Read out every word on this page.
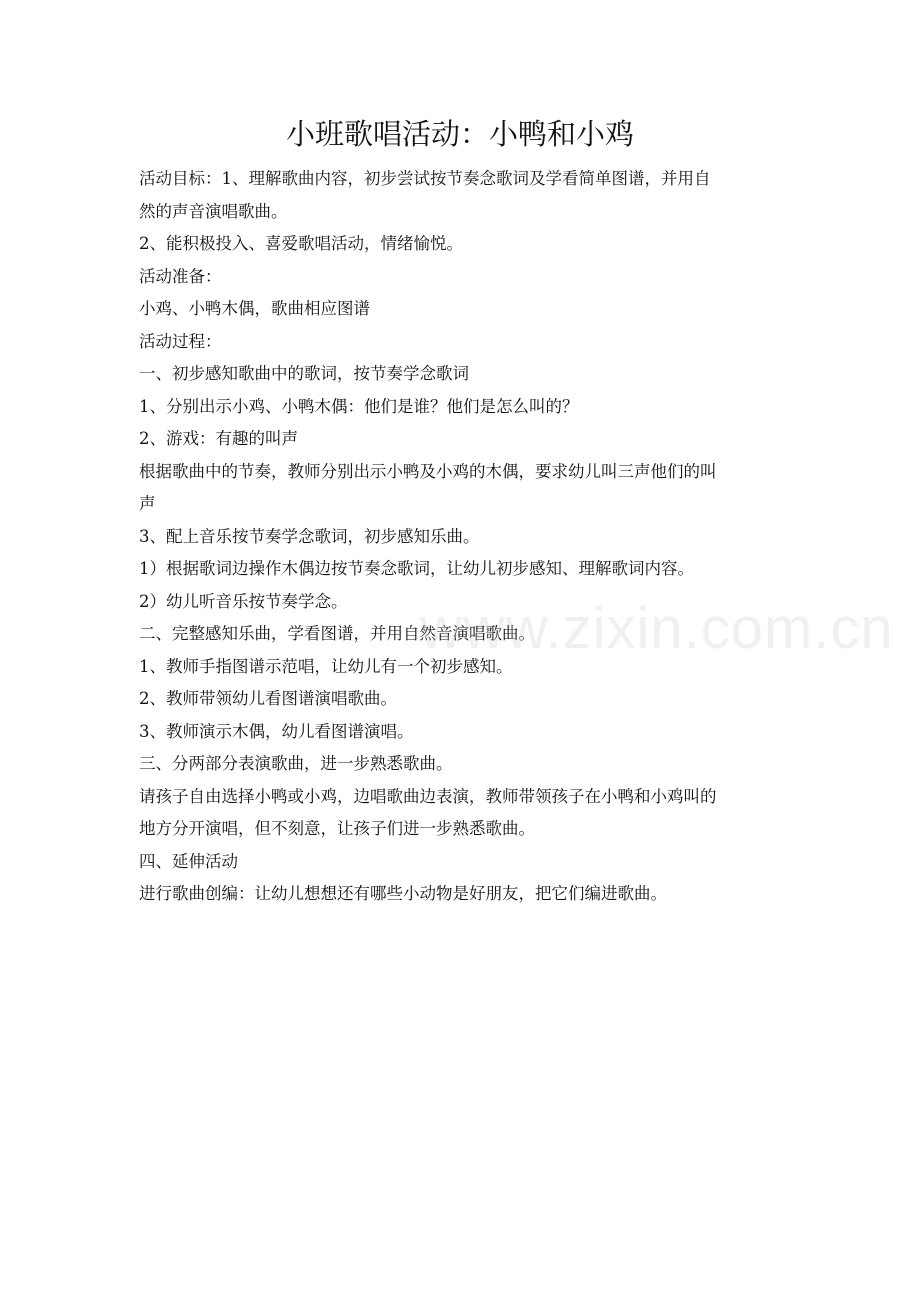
小班歌唱活动：小鸭和小鸡
活动目标：1、理解歌曲内容，初步尝试按节奏念歌词及学看简单图谱，并用自
然的声音演唱歌曲。
2、能积极投入、喜爱歌唱活动，情绪愉悦。
活动准备：
小鸡、小鸭木偶，歌曲相应图谱
活动过程：
一、初步感知歌曲中的歌词，按节奏学念歌词
1、分别出示小鸡、小鸭木偶：他们是谁？他们是怎么叫的？
2、游戏：有趣的叫声
根据歌曲中的节奏，教师分别出示小鸭及小鸡的木偶，要求幼儿叫三声他们的叫
声
3、配上音乐按节奏学念歌词，初步感知乐曲。
1）根据歌词边操作木偶边按节奏念歌词，让幼儿初步感知、理解歌词内容。
2）幼儿听音乐按节奏学念。
二、完整感知乐曲，学看图谱，并用自然音演唱歌曲。
1、教师手指图谱示范唱，让幼儿有一个初步感知。
2、教师带领幼儿看图谱演唱歌曲。
3、教师演示木偶，幼儿看图谱演唱。
三、分两部分表演歌曲，进一步熟悉歌曲。
请孩子自由选择小鸭或小鸡，边唱歌曲边表演，教师带领孩子在小鸭和小鸡叫的
地方分开演唱，但不刻意，让孩子们进一步熟悉歌曲。
四、延伸活动
进行歌曲创编：让幼儿想想还有哪些小动物是好朋友，把它们编进歌曲。
www.zixin.com.cn
